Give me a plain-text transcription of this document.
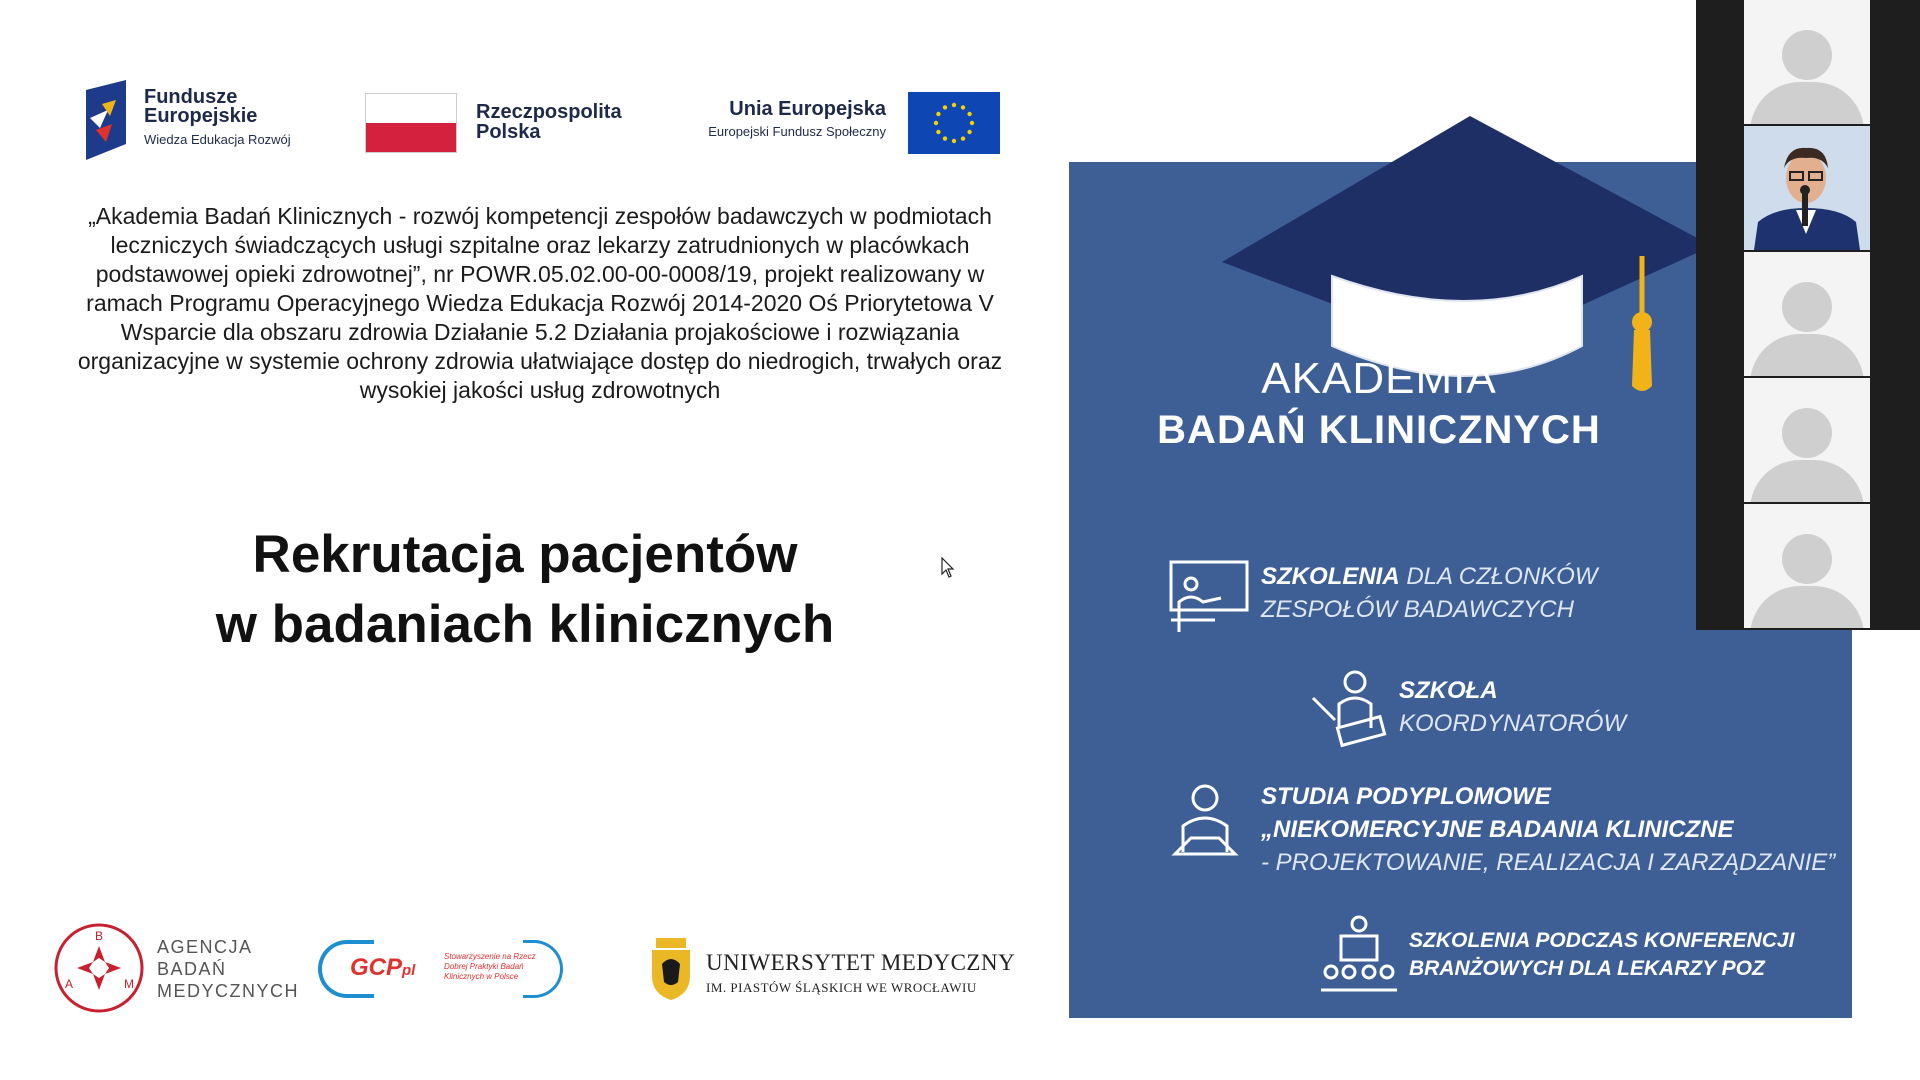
Fundusze
Europejskie
Wiedza Edukacja Rozwój
Rzeczpospolita
Polska
Unia Europejska
Europejski Fundusz Społeczny
„Akademia Badań Klinicznych - rozwój kompetencji zespołów badawczych w podmiotach leczniczych świadczących usługi szpitalne oraz lekarzy zatrudnionych w placówkach podstawowej opieki zdrowotnej”, nr POWR.05.02.00-00-0008/19, projekt realizowany w ramach Programu Operacyjnego Wiedza Edukacja Rozwój 2014-2020 Oś Priorytetowa V Wsparcie dla obszaru zdrowia Działanie 5.2 Działania projakościowe i rozwiązania organizacyjne w systemie ochrony zdrowia ułatwiające dostęp do niedrogich, trwałych oraz wysokiej jakości usług zdrowotnych
Rekrutacja pacjentów
w badaniach klinicznych
B
A	M
AGENCJA
BADAŃ
MEDYCZNYCH
GCPpl
Stowarzyszenie na Rzecz Dobrej Praktyki Badań Klinicznych w Polsce
UNIWERSYTET MEDYCZNY
IM. PIASTÓW ŚLĄSKICH WE WROCŁAWIU
AKADEMIA
BADAŃ KLINICZNYCH
SZKOLENIA DLA CZŁONKÓW
ZESPOŁÓW BADAWCZYCH
SZKOŁA
KOORDYNATORÓW
STUDIA PODYPLOMOWE
„NIEKOMERCYJNE BADANIA KLINICZNE
- PROJEKTOWANIE, REALIZACJA I ZARZĄDZANIE”
SZKOLENIA PODCZAS KONFERENCJI
BRANŻOWYCH DLA LEKARZY POZ
